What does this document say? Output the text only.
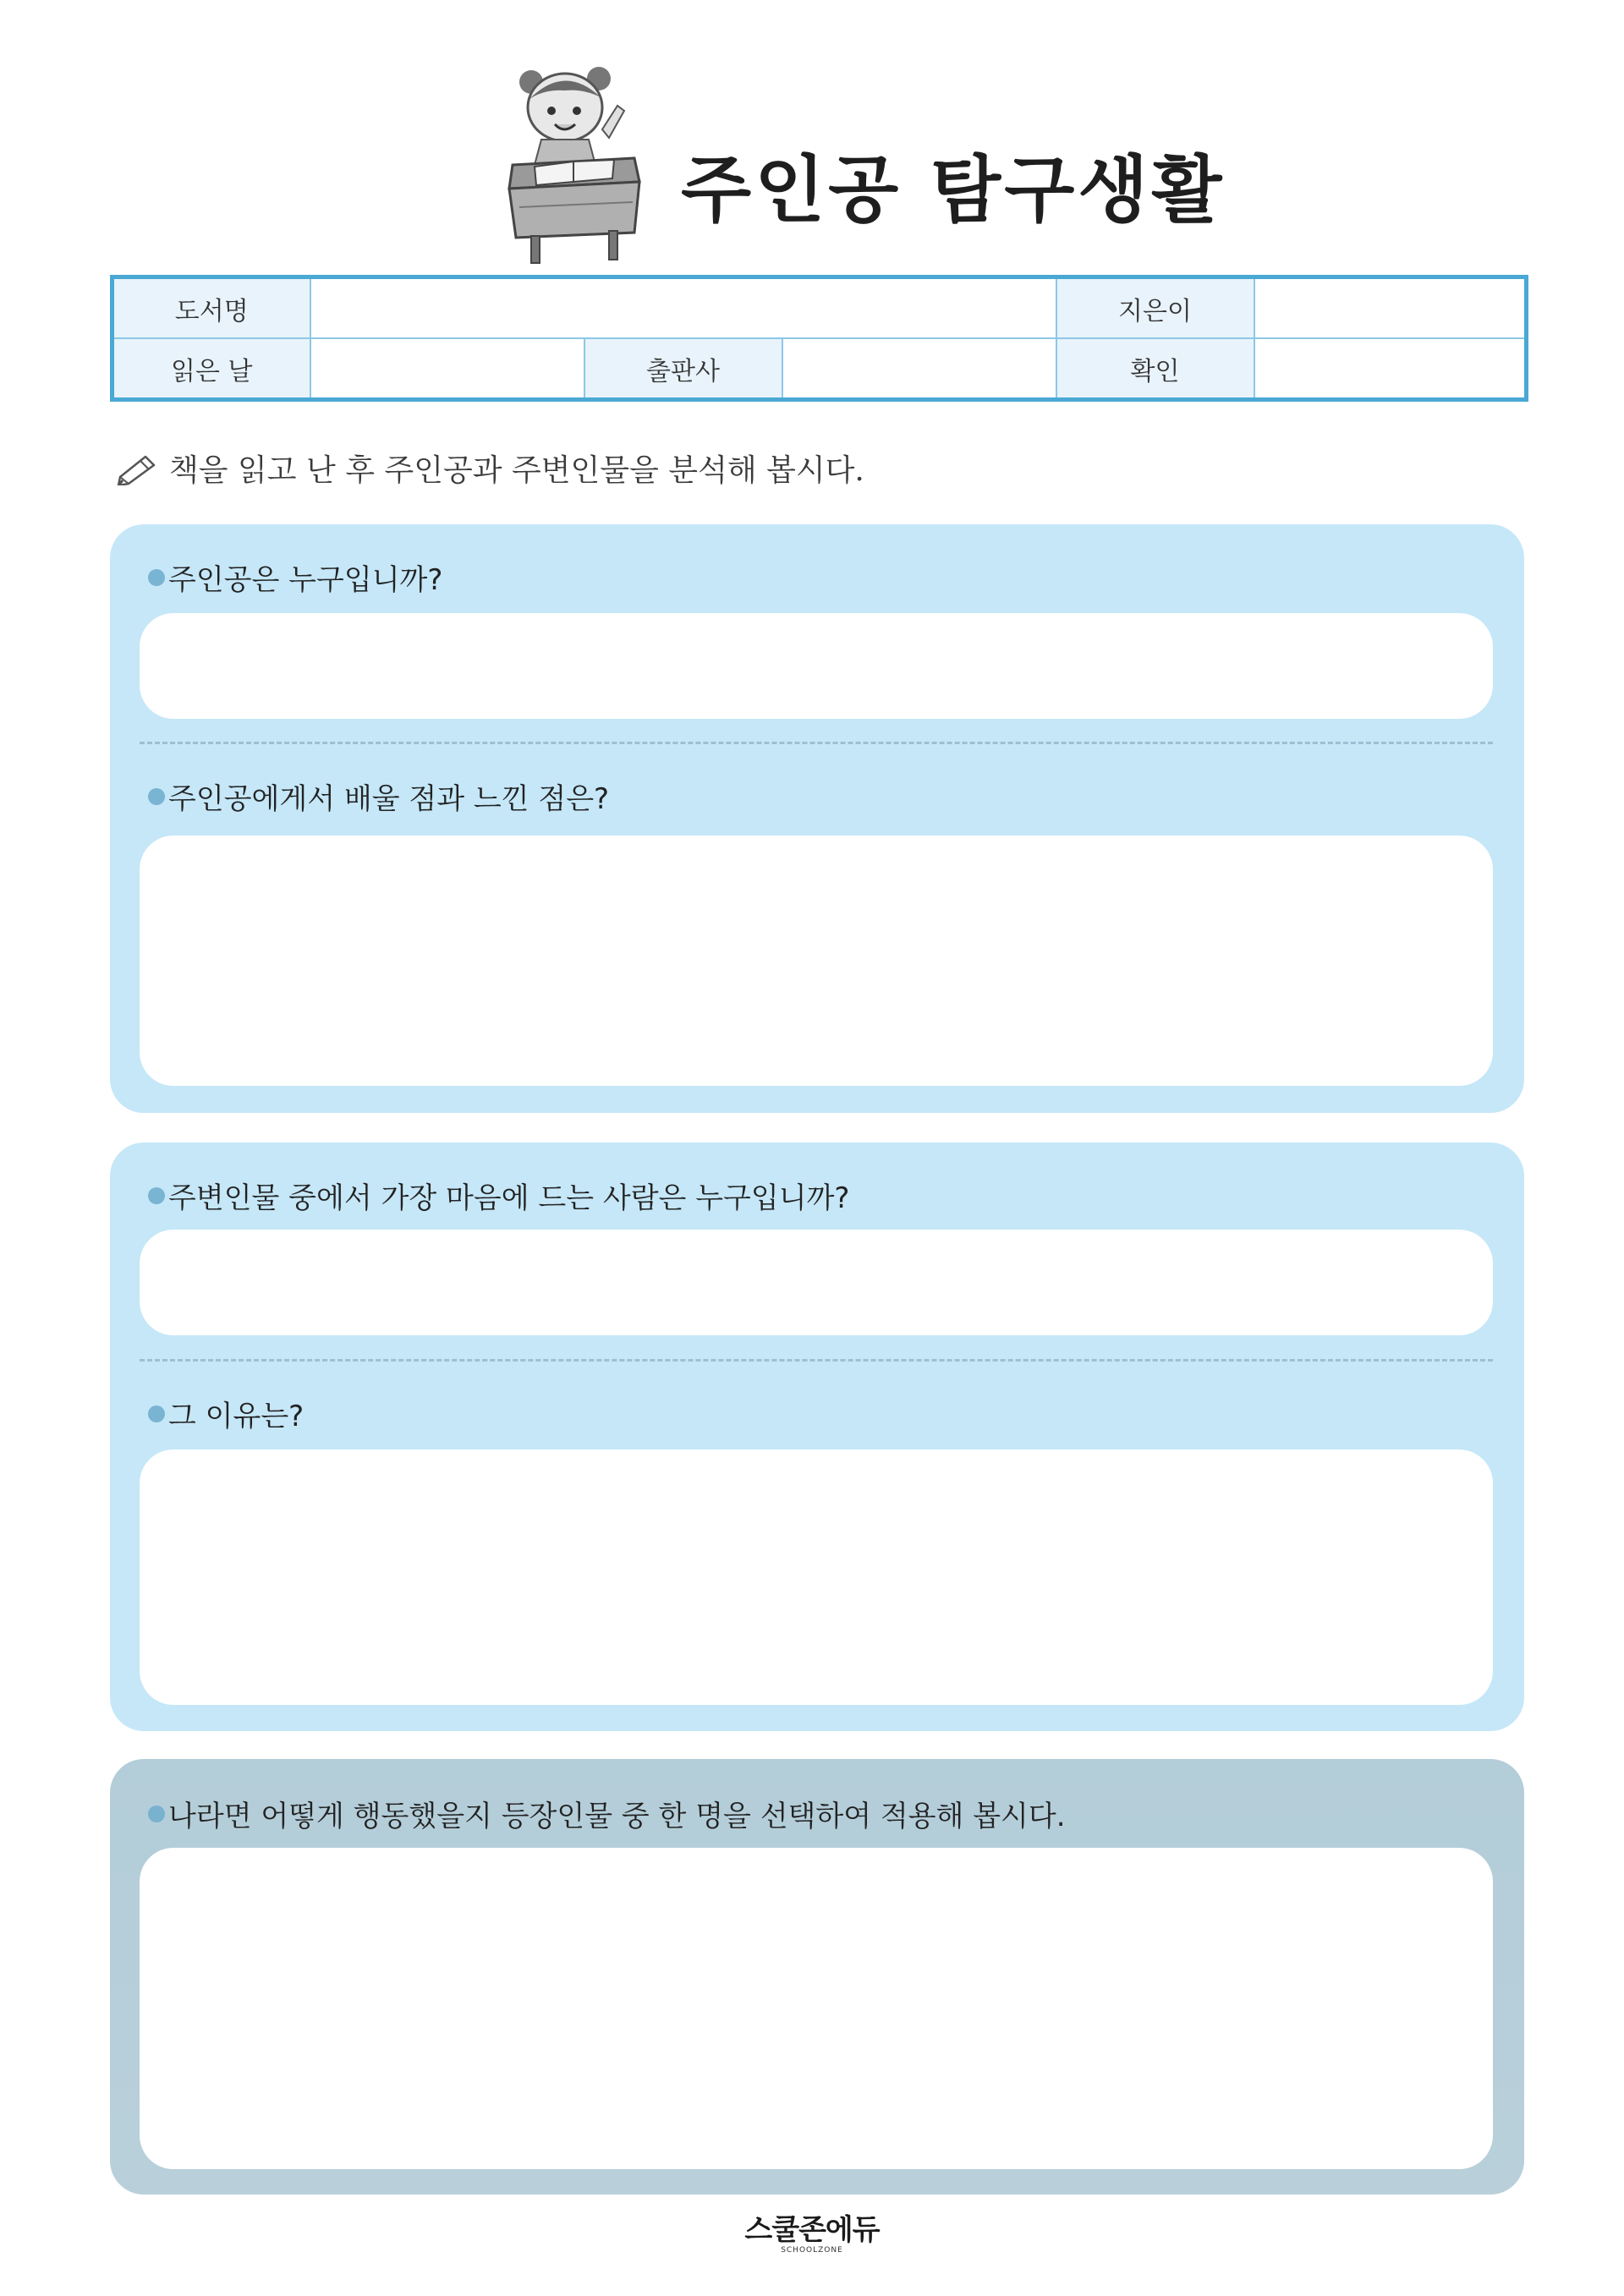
주인공 탐구생활
도서명				지은이	
읽은 날		출판사		확인	
책을 읽고 난 후 주인공과 주변인물을 분석해 봅시다.
주인공은 누구입니까?
주인공에게서 배울 점과 느낀 점은?
주변인물 중에서 가장 마음에 드는 사람은 누구입니까?
그 이유는?
나라면 어떻게 행동했을지 등장인물 중 한 명을 선택하여 적용해 봅시다.
스쿨존에듀
SCHOOLZONE
